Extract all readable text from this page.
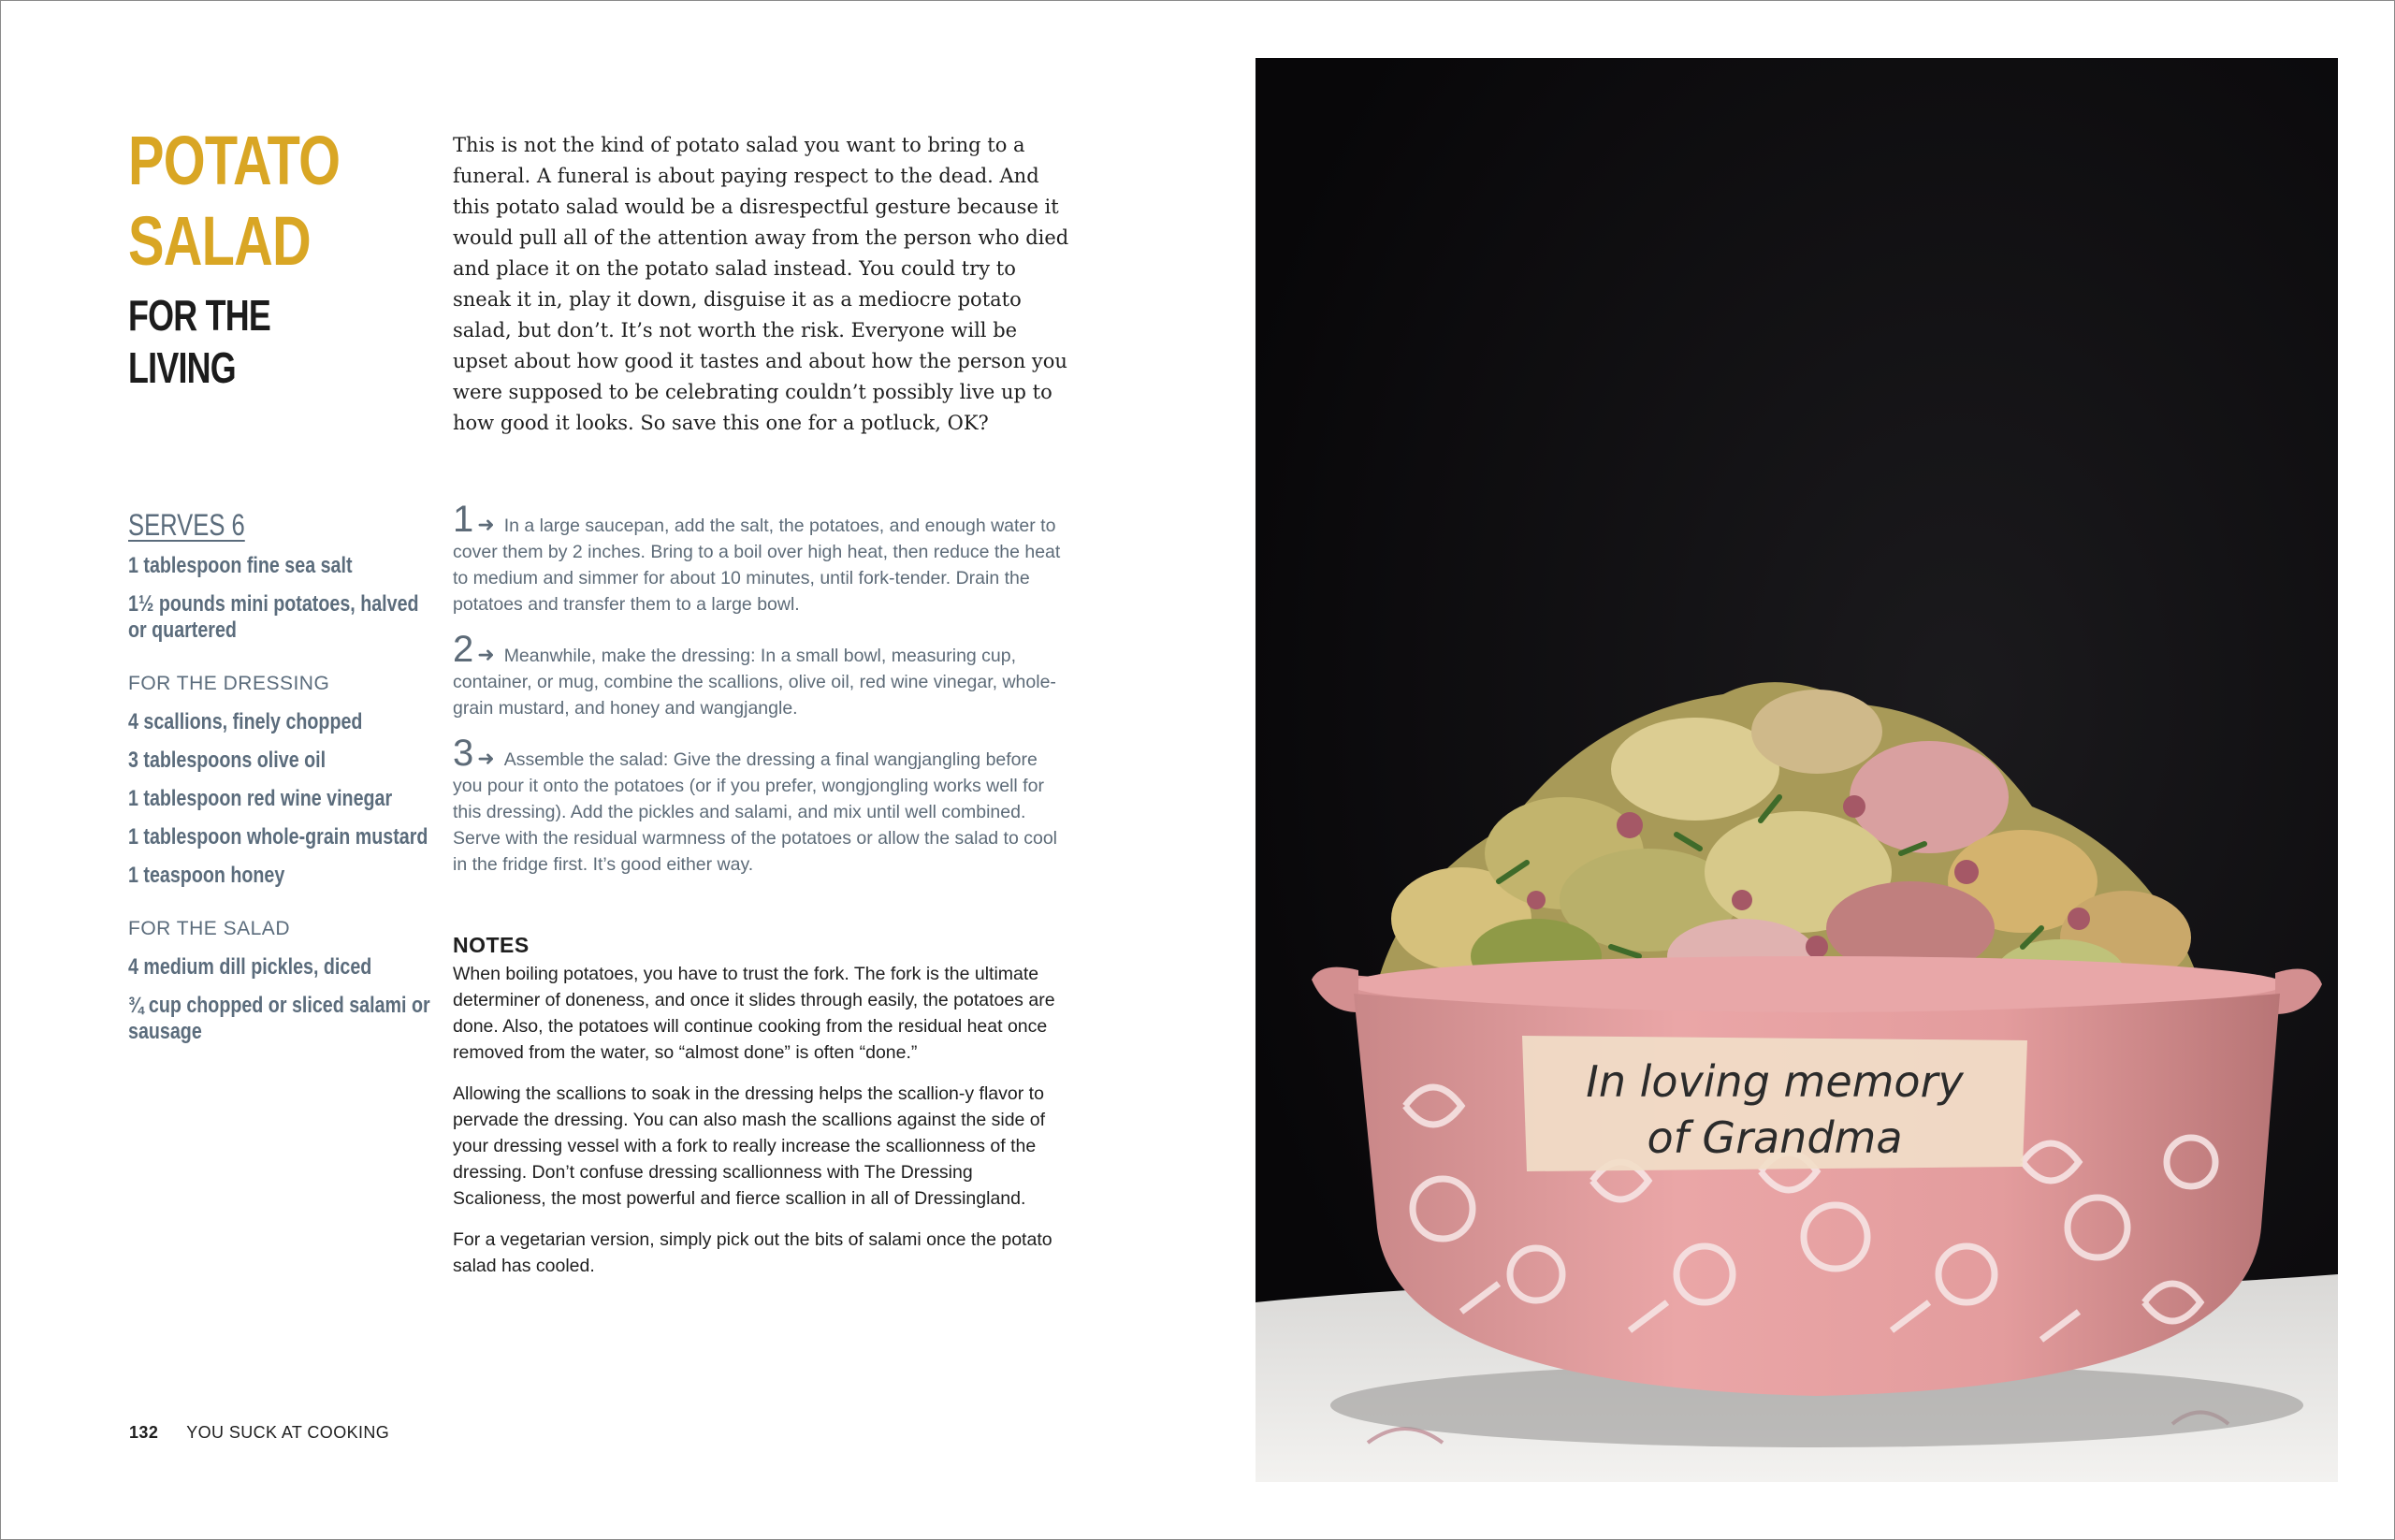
POTATO
SALAD
FOR THE
LIVING

This is not the kind of potato salad you want to bring to a funeral. A funeral is about paying respect to the dead. And this potato salad would be a disrespectful gesture because it would pull all of the attention away from the person who died and place it on the potato salad instead. You could try to sneak it in, play it down, disguise it as a mediocre potato salad, but don’t. It’s not worth the risk. Everyone will be upset about how good it tastes and about how the person you were supposed to be celebrating couldn’t possibly live up to how good it looks. So save this one for a potluck, OK?

SERVES 6
1 tablespoon fine sea salt
1½ pounds mini potatoes, halved or quartered
FOR THE DRESSING
4 scallions, finely chopped
3 tablespoons olive oil
1 tablespoon red wine vinegar
1 tablespoon whole-grain mustard
1 teaspoon honey
FOR THE SALAD
4 medium dill pickles, diced
¾ cup chopped or sliced salami or sausage

1 ➜ In a large saucepan, add the salt, the potatoes, and enough water to cover them by 2 inches. Bring to a boil over high heat, then reduce the heat to medium and simmer for about 10 minutes, until fork-tender. Drain the potatoes and transfer them to a large bowl.

2 ➜ Meanwhile, make the dressing: In a small bowl, measuring cup, container, or mug, combine the scallions, olive oil, red wine vinegar, whole-grain mustard, and honey and wangjangle.

3 ➜ Assemble the salad: Give the dressing a final wangjangling before you pour it onto the potatoes (or if you prefer, wongjongling works well for this dressing). Add the pickles and salami, and mix until well combined. Serve with the residual warmness of the potatoes or allow the salad to cool in the fridge first. It’s good either way.

NOTES

When boiling potatoes, you have to trust the fork. The fork is the ultimate determiner of doneness, and once it slides through easily, the potatoes are done. Also, the potatoes will continue cooking from the residual heat once removed from the water, so “almost done” is often “done.”

Allowing the scallions to soak in the dressing helps the scallion-y flavor to pervade the dressing. You can also mash the scallions against the side of your dressing vessel with a fork to really increase the scallionness of the dressing. Don’t confuse dressing scallionness with The Dressing Scalioness, the most powerful and fierce scallion in all of Dressingland.

For a vegetarian version, simply pick out the bits of salami once the potato salad has cooled.

132 YOU SUCK AT COOKING
In loving memory
of Grandma
